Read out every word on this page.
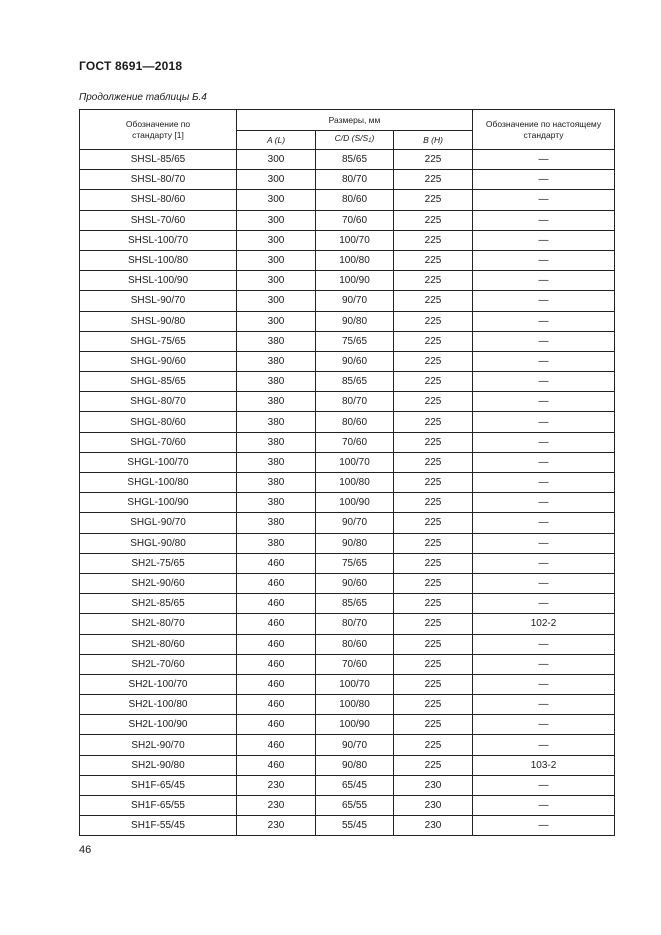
ГОСТ 8691—2018
Продолжение таблицы Б.4
Обозначение по стандарту [1]	Размеры, мм			Обозначение по настоящему стандарту
	A (L)	C/D $(S/S_1)$	B (H)	
SHSL-85/65	300	85/65	225	—
SHSL-80/70	300	80/70	225	—
SHSL-80/60	300	80/60	225	—
SHSL-70/60	300	70/60	225	—
SHSL-100/70	300	100/70	225	—
SHSL-100/80	300	100/80	225	—
SHSL-100/90	300	100/90	225	—
SHSL-90/70	300	90/70	225	—
SHSL-90/80	300	90/80	225	—
SHGL-75/65	380	75/65	225	—
SHGL-90/60	380	90/60	225	—
SHGL-85/65	380	85/65	225	—
SHGL-80/70	380	80/70	225	—
SHGL-80/60	380	80/60	225	—
SHGL-70/60	380	70/60	225	—
SHGL-100/70	380	100/70	225	—
SHGL-100/80	380	100/80	225	—
SHGL-100/90	380	100/90	225	—
SHGL-90/70	380	90/70	225	—
SHGL-90/80	380	90/80	225	—
SH2L-75/65	460	75/65	225	—
SH2L-90/60	460	90/60	225	—
SH2L-85/65	460	85/65	225	—
SH2L-80/70	460	80/70	225	102-2
SH2L-80/60	460	80/60	225	—
SH2L-70/60	460	70/60	225	—
SH2L-100/70	460	100/70	225	—
SH2L-100/80	460	100/80	225	—
SH2L-100/90	460	100/90	225	—
SH2L-90/70	460	90/70	225	—
SH2L-90/80	460	90/80	225	103-2
SH1F-65/45	230	65/45	230	—
SH1F-65/55	230	65/55	230	—
SH1F-55/45	230	55/45	230	—
46
